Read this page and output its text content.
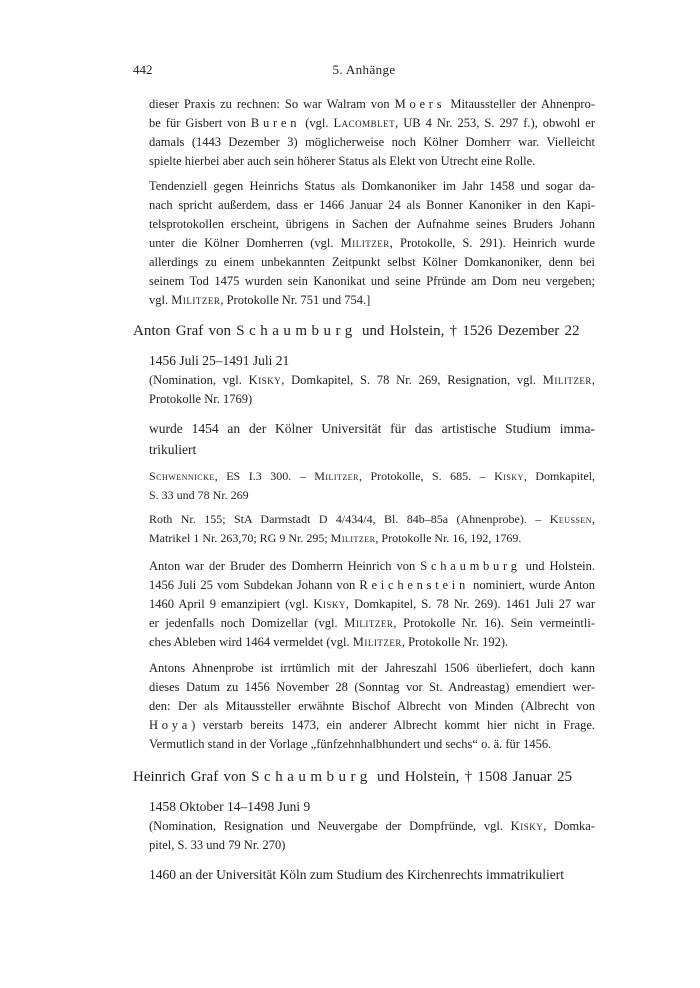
442	5. Anhänge
dieser Praxis zu rechnen: So war Walram von Moers Mitaussteller der Ahnenpro-
be für Gisbert von Buren (vgl. Lacomblet, UB 4 Nr. 253, S. 297 f.), obwohl er
damals (1443 Dezember 3) möglicherweise noch Kölner Domherr war. Vielleicht
spielte hierbei aber auch sein höherer Status als Elekt von Utrecht eine Rolle.
Tendenziell gegen Heinrichs Status als Domkanoniker im Jahr 1458 und sogar da-
nach spricht außerdem, dass er 1466 Januar 24 als Bonner Kanoniker in den Kapi-
telsprotokollen erscheint, übrigens in Sachen der Aufnahme seines Bruders Johann
unter die Kölner Domherren (vgl. Militzer, Protokolle, S. 291). Heinrich wurde
allerdings zu einem unbekannten Zeitpunkt selbst Kölner Domkanoniker, denn bei
seinem Tod 1475 wurden sein Kanonikat und seine Pfründe am Dom neu vergeben;
vgl. Militzer, Protokolle Nr. 751 und 754.]
Anton Graf von Schaumburg und Holstein, † 1526 Dezember 22
1456 Juli 25–1491 Juli 21
(Nomination, vgl. Kisky, Domkapitel, S. 78 Nr. 269, Resignation, vgl. Militzer,
Protokolle Nr. 1769)
wurde 1454 an der Kölner Universität für das artistische Studium imma-
trikuliert
Schwennicke, ES I.3 300. – Militzer, Protokolle, S. 685. – Kisky, Domkapitel,
S. 33 und 78 Nr. 269
Roth Nr. 155; StA Darmstadt D 4/434/4, Bl. 84b–85a (Ahnenprobe). – Keussen,
Matrikel 1 Nr. 263,70; RG 9 Nr. 295; Militzer, Protokolle Nr. 16, 192, 1769.
Anton war der Bruder des Domherrn Heinrich von Schaumburg und Holstein.
1456 Juli 25 vom Subdekan Johann von Reichenstein nominiert, wurde Anton
1460 April 9 emanzipiert (vgl. Kisky, Domkapitel, S. 78 Nr. 269). 1461 Juli 27 war
er jedenfalls noch Domizellar (vgl. Militzer, Protokolle Nr. 16). Sein vermeintli-
ches Ableben wird 1464 vermeldet (vgl. Militzer, Protokolle Nr. 192).
Antons Ahnenprobe ist irrtümlich mit der Jahreszahl 1506 überliefert, doch kann
dieses Datum zu 1456 November 28 (Sonntag vor St. Andreastag) emendiert wer-
den: Der als Mitaussteller erwähnte Bischof Albrecht von Minden (Albrecht von
Hoya) verstarb bereits 1473, ein anderer Albrecht kommt hier nicht in Frage.
Vermutlich stand in der Vorlage „fünfzehnhalbhundert und sechs“ o. ä. für 1456.
Heinrich Graf von Schaumburg und Holstein, † 1508 Januar 25
1458 Oktober 14–1498 Juni 9
(Nomination, Resignation und Neuvergabe der Dompfründe, vgl. Kisky, Domka-
pitel, S. 33 und 79 Nr. 270)
1460 an der Universität Köln zum Studium des Kirchenrechts immatrikuliert
